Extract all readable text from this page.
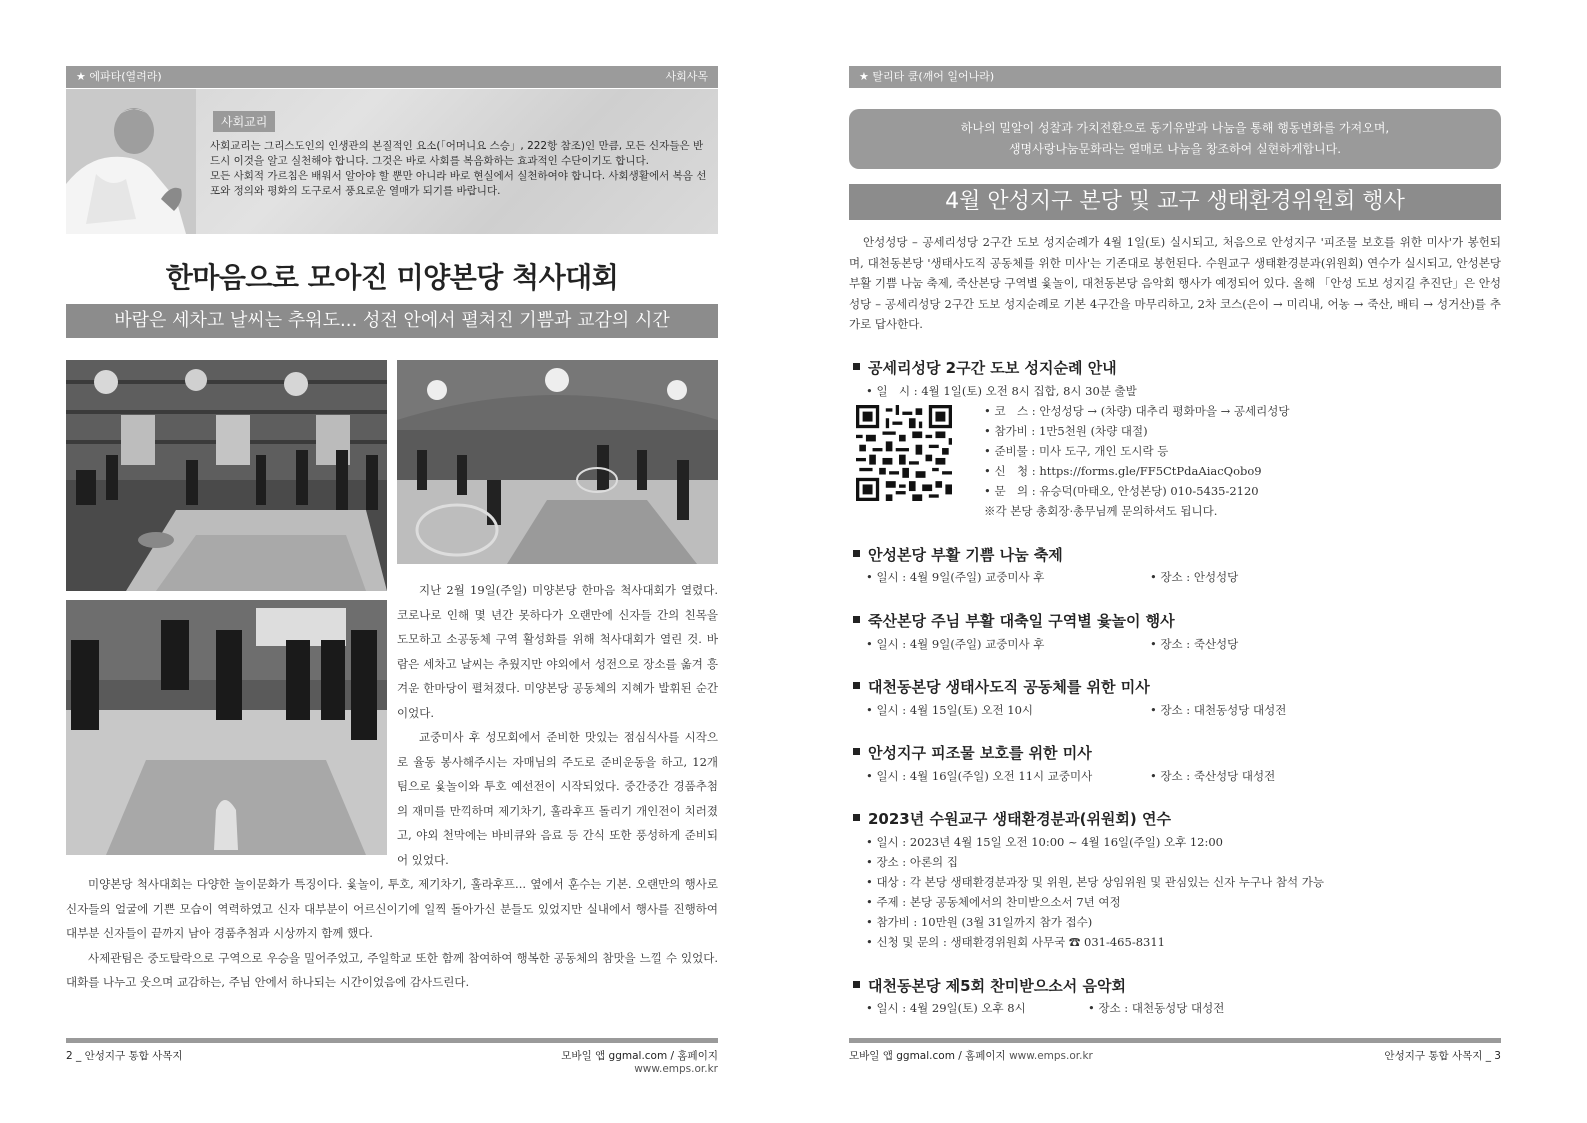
★ 에파타(열려라)	사회사목
사회교리

사회교리는 그리스도인의 인생관의 본질적인 요소(「어머니요 스승」, 222항 참조)인 만큼, 모든 신자들은 반드시 이것을 알고 실천해야 합니다. 그것은 바로 사회를 복음화하는 효과적인 수단이기도 합니다.

모든 사회적 가르침은 배워서 알아야 할 뿐만 아니라 바로 현실에서 실천하여야 합니다. 사회생활에서 복음 선포와 정의와 평화의 도구로서 풍요로운 열매가 되기를 바랍니다.

한마음으로 모아진 미양본당 척사대회
바람은 세차고 날씨는 추워도... 성전 안에서 펼쳐진 기쁨과 교감의 시간

지난 2월 19일(주일) 미양본당 한마음 척사대회가 열렸다. 코로나로 인해 몇 년간 못하다가 오랜만에 신자들 간의 친목을 도모하고 소공동체 구역 활성화를 위해 척사대회가 열린 것. 바람은 세차고 날씨는 추웠지만 야외에서 성전으로 장소를 옮겨 흥겨운 한마당이 펼쳐졌다. 미양본당 공동체의 지혜가 발휘된 순간이었다.

교중미사 후 성모회에서 준비한 맛있는 점심식사를 시작으로 율동 봉사해주시는 자매님의 주도로 준비운동을 하고, 12개 팀으로 윷놀이와 투호 예선전이 시작되었다. 중간중간 경품추첨의 재미를 만끽하며 제기차기, 훌라후프 돌리기 개인전이 치러졌고, 야외 천막에는 바비큐와 음료 등 간식 또한 풍성하게 준비되어 있었다.

미양본당 척사대회는 다양한 놀이문화가 특징이다. 윷놀이, 투호, 제기차기, 훌라후프... 옆에서 훈수는 기본. 오랜만의 행사로 신자들의 얼굴에 기쁜 모습이 역력하였고 신자 대부분이 어르신이기에 일찍 돌아가신 분들도 있었지만 실내에서 행사를 진행하여 대부분 신자들이 끝까지 남아 경품추첨과 시상까지 함께 했다.

사제관팀은 중도탈락으로 구역으로 우승을 밀어주었고, 주일학교 또한 함께 참여하여 행복한 공동체의 참맛을 느낄 수 있었다. 대화를 나누고 웃으며 교감하는, 주님 안에서 하나되는 시간이었음에 감사드린다.

2 _ 안성지구 통합 사목지	모바일 앱 ggmal.com / 홈페이지 www.emps.or.kr
★ 탈리타 쿰(깨어 일어나라)
하나의 밀알이 성찰과 가치전환으로 동기유발과 나눔을 통해 행동변화를 가져오며,
생명사랑나눔문화라는 열매로 나눔을 창조하여 실현하게합니다.
4월 안성지구 본당 및 교구 생태환경위원회 행사

안성성당 – 공세리성당 2구간 도보 성지순례가 4월 1일(토) 실시되고, 처음으로 안성지구 '피조물 보호를 위한 미사'가 봉헌되며, 대천동본당 '생태사도직 공동체를 위한 미사'는 기존대로 봉헌된다. 수원교구 생태환경분과(위원회) 연수가 실시되고, 안성본당 부활 기쁨 나눔 축제, 죽산본당 구역별 윷놀이, 대천동본당 음악회 행사가 예정되어 있다. 올해 「안성 도보 성지길 추진단」은 안성성당 – 공세리성당 2구간 도보 성지순례로 기본 4구간을 마무리하고, 2차 코스(은이 → 미리내, 어농 → 죽산, 배티 → 성거산)를 추가로 답사한다.

공세리성당 2구간 도보 성지순례 안내
• 일　시 : 4월 1일(토) 오전 8시 집합, 8시 30분 출발
• 코　스 : 안성성당 → (차량) 대추리 평화마을 → 공세리성당
• 참가비 : 1만5천원 (차량 대절)
• 준비물 : 미사 도구, 개인 도시락 등
• 신　청 : https://forms.gle/FF5CtPdaAiacQobo9
• 문　의 : 유승덕(마태오, 안성본당) 010-5435-2120
※각 본당 총회장·총무님께 문의하셔도 됩니다.
안성본당 부활 기쁨 나눔 축제
• 일시 : 4월 9일(주일) 교중미사 후	• 장소 : 안성성당
죽산본당 주님 부활 대축일 구역별 윷놀이 행사
• 일시 : 4월 9일(주일) 교중미사 후	• 장소 : 죽산성당
대천동본당 생태사도직 공동체를 위한 미사
• 일시 : 4월 15일(토) 오전 10시	• 장소 : 대천동성당 대성전
안성지구 피조물 보호를 위한 미사
• 일시 : 4월 16일(주일) 오전 11시 교중미사	• 장소 : 죽산성당 대성전
2023년 수원교구 생태환경분과(위원회) 연수
• 일시 : 2023년 4월 15일 오전 10:00 ~ 4월 16일(주일) 오후 12:00
• 장소 : 아론의 집
• 대상 : 각 본당 생태환경분과장 및 위원, 본당 상임위원 및 관심있는 신자 누구나 참석 가능
• 주제 : 본당 공동체에서의 찬미받으소서 7년 여정
• 참가비 : 10만원 (3월 31일까지 참가 접수)
• 신청 및 문의 : 생태환경위원회 사무국 ☎ 031-465-8311
대천동본당 제5회 찬미받으소서 음악회
• 일시 : 4월 29일(토) 오후 8시	• 장소 : 대천동성당 대성전
모바일 앱 ggmal.com / 홈페이지 www.emps.or.kr	안성지구 통합 사목지 _ 3
